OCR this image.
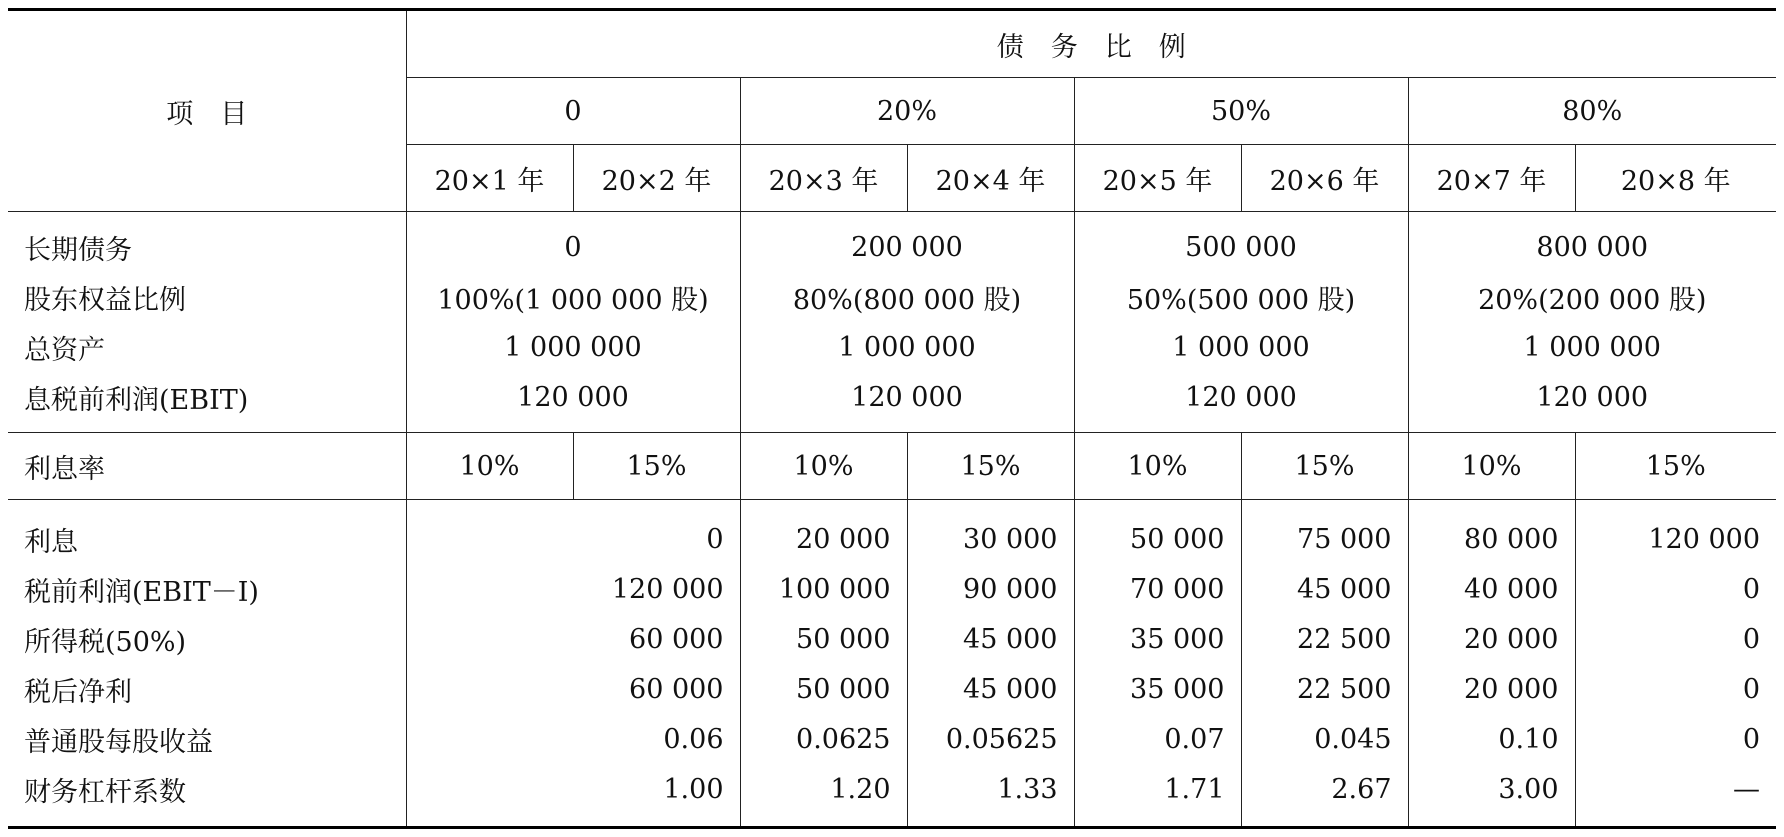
项　目	债　务　比　例							
	0		20%		50%		80%	
	20×1 年	20×2 年	20×3 年	20×4 年	20×5 年	20×6 年	20×7 年	20×8 年
长期债务	0		200 000		500 000		800 000	
股东权益比例	100%(1 000 000 股)		80%(800 000 股)		50%(500 000 股)		20%(200 000 股)	
总资产	1 000 000		1 000 000		1 000 000		1 000 000	
息税前利润(EBIT)	120 000		120 000		120 000		120 000	
利息率	10%	15%	10%	15%	10%	15%	10%	15%
利息	0		20 000	30 000	50 000	75 000	80 000	120 000
税前利润(EBIT－I)	120 000		100 000	90 000	70 000	45 000	40 000	0
所得税(50%)	60 000		50 000	45 000	35 000	22 500	20 000	0
税后净利	60 000		50 000	45 000	35 000	22 500	20 000	0
普通股每股收益	0.06		0.0625	0.05625	0.07	0.045	0.10	0
财务杠杆系数	1.00		1.20	1.33	1.71	2.67	3.00	—
